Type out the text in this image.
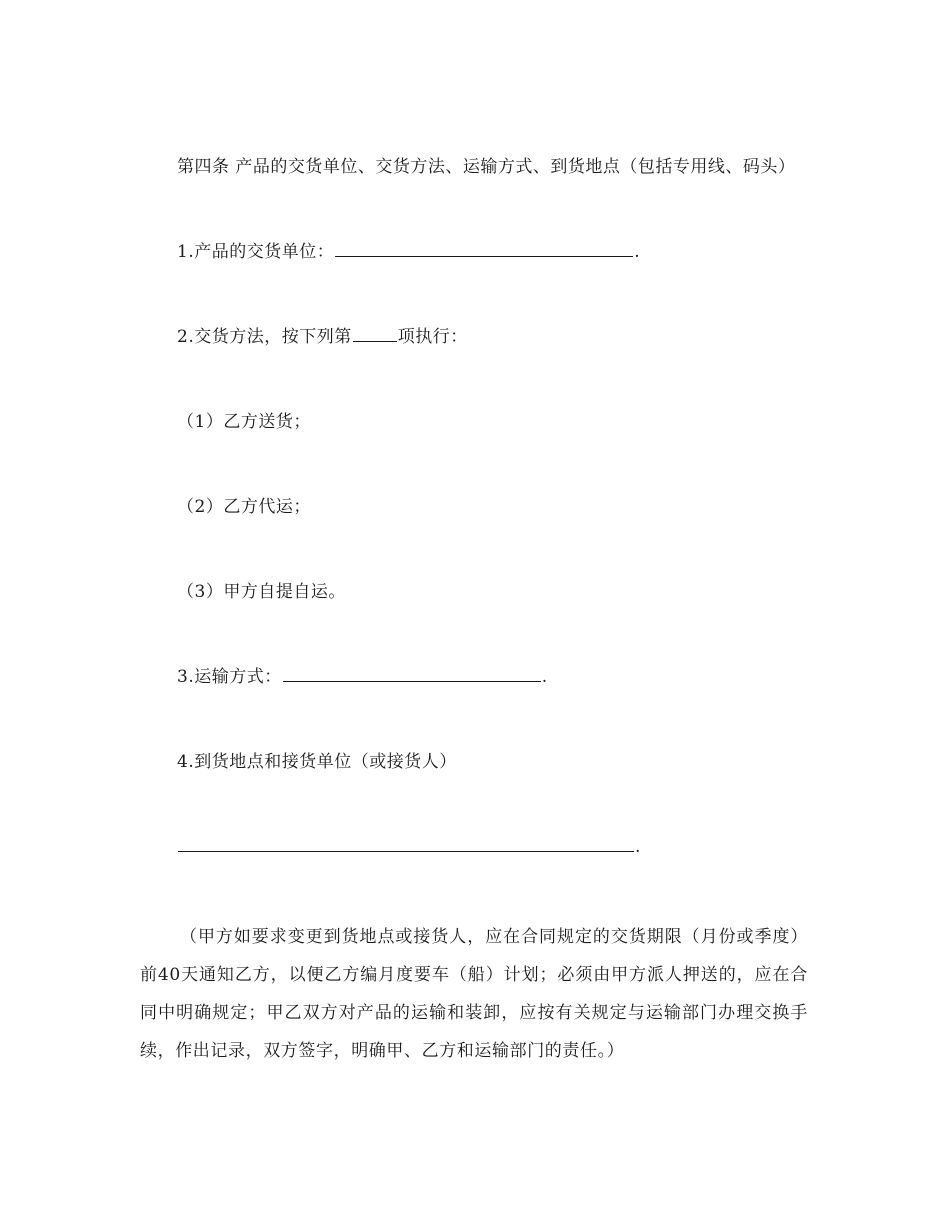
第四条 产品的交货单位、交货方法、运输方式、到货地点（包括专用线、码头）
1.产品的交货单位：	.
2.交货方法，按下列第	项执行：
（1）乙方送货；
（2）乙方代运；
（3）甲方自提自运。
3.运输方式：	.
4.到货地点和接货单位（或接货人）
.
（甲方如要求变更到货地点或接货人，应在合同规定的交货期限（月份或季度）前40天通知乙方，以便乙方编月度要车（船）计划；必须由甲方派人押送的，应在合同中明确规定；甲乙双方对产品的运输和装卸，应按有关规定与运输部门办理交换手续，作出记录，双方签字，明确甲、乙方和运输部门的责任。）
